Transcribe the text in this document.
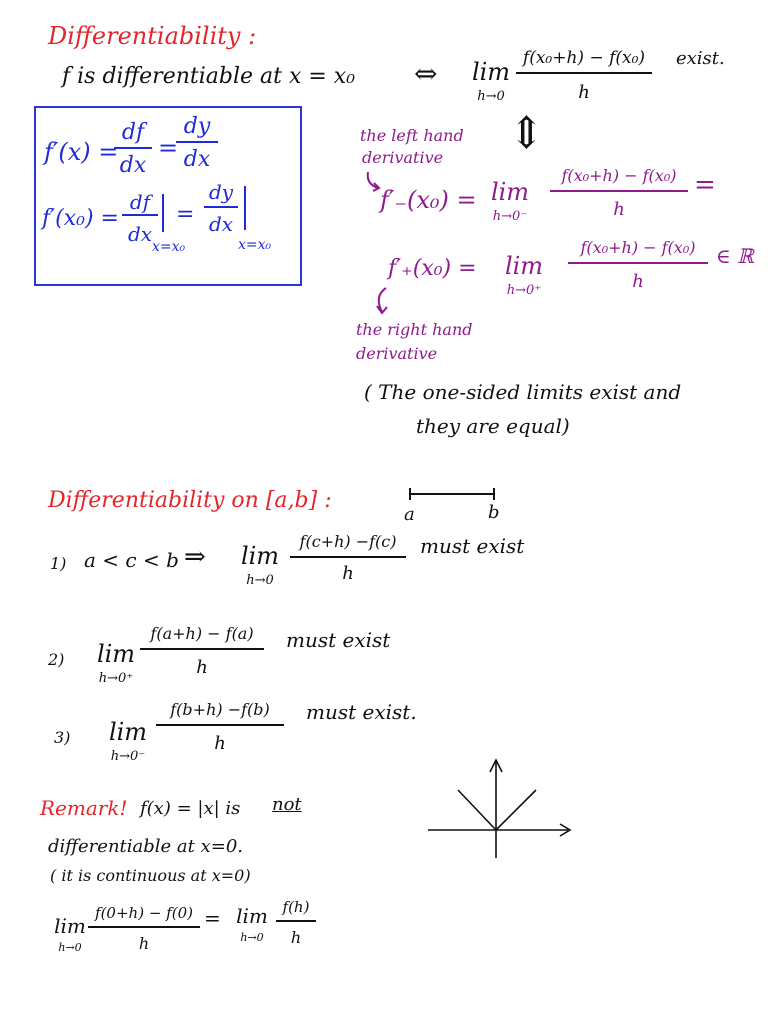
Differentiability :
f is differentiable at x = x₀ ⇔ lim
h→0
f(x₀+h) − f(x₀)
h
exist.
f′(x) =
df
dx
=
dy
dx
f′(x₀) =
df
dx
=
dy
dx
x=x₀	x=x₀
⇕
the left hand
derivative
f′₋(x₀) = lim
h→0⁻
f(x₀+h) − f(x₀)
h
=
f′₊(x₀) =	lim
h→0⁺
f(x₀+h) − f(x₀)
h
∈ ℝ
the right hand
derivative
( The one-sided limits exist and
they are equal)
Differentiability on [a,b] :
a	b
1) a < c < b ⇒ lim
h→0
f(c+h) −f(c)
h
must exist
2)	lim
h→0⁺
f(a+h) − f(a)
h
must exist
3)	lim
h→0⁻
f(b+h) −f(b)
h
must exist.
Remark! f(x) = |x| is not
differentiable at x=0.
( it is continuous at x=0)
lim
h→0
f(0+h) − f(0)
h
= lim
h→0
f(h)
h
